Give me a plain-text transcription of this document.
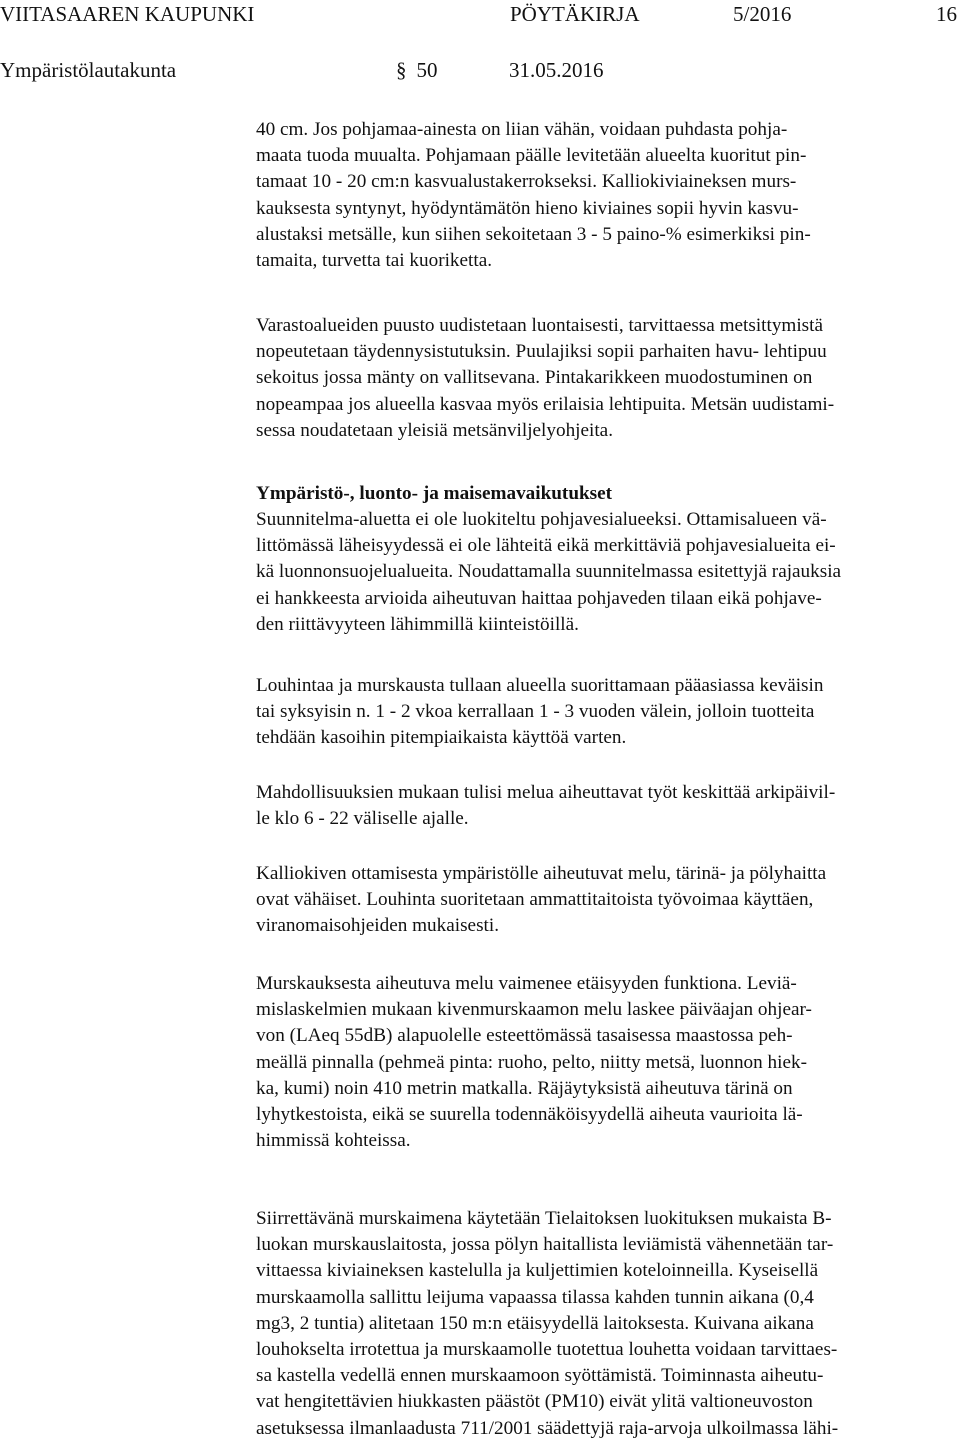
VIITASAAREN KAUPUNKI	PÖYTÄKIRJA	5/2016	16
Ympäristölautakunta	§ 50	31.05.2016
40 cm. Jos pohjamaa-ainesta on liian vähän, voidaan puhdasta pohja-
maata tuoda muualta. Pohjamaan päälle levitetään alueelta kuoritut pin-
tamaat 10 - 20 cm:n kasvualustakerrokseksi. Kalliokiviaineksen murs-
kauksesta syntynyt, hyödyntämätön hieno kiviaines sopii hyvin kasvu-
alustaksi metsälle, kun siihen sekoitetaan 3 - 5 paino-% esimerkiksi pin-
tamaita, turvetta tai kuoriketta.
Varastoalueiden puusto uudistetaan luontaisesti, tarvittaessa metsittymistä
nopeutetaan täydennysistutuksin. Puulajiksi sopii parhaiten havu- lehtipuu
sekoitus jossa mänty on vallitsevana. Pintakarikkeen muodostuminen on
nopeampaa jos alueella kasvaa myös erilaisia lehtipuita. Metsän uudistami-
sessa noudatetaan yleisiä metsänviljelyohjeita.
Ympäristö-, luonto- ja maisemavaikutukset
Suunnitelma-aluetta ei ole luokiteltu pohjavesialueeksi. Ottamisalueen vä-
littömässä läheisyydessä ei ole lähteitä eikä merkittäviä pohjavesialueita ei-
kä luonnonsuojelualueita. Noudattamalla suunnitelmassa esitettyjä rajauksia
ei hankkeesta arvioida aiheutuvan haittaa pohjaveden tilaan eikä pohjave-
den riittävyyteen lähimmillä kiinteistöillä.
Louhintaa ja murskausta tullaan alueella suorittamaan pääasiassa keväisin
tai syksyisin n. 1 - 2 vkoa kerrallaan 1 - 3 vuoden välein, jolloin tuotteita
tehdään kasoihin pitempiaikaista käyttöä varten.
Mahdollisuuksien mukaan tulisi melua aiheuttavat työt keskittää arkipäivil-
le klo 6 - 22 väliselle ajalle.
Kalliokiven ottamisesta ympäristölle aiheutuvat melu, tärinä- ja pölyhaitta
ovat vähäiset. Louhinta suoritetaan ammattitaitoista työvoimaa käyttäen,
viranomaisohjeiden mukaisesti.
Murskauksesta aiheutuva melu vaimenee etäisyyden funktiona. Leviä-
mislaskelmien mukaan kivenmurskaamon melu laskee päiväajan ohjear-
von (LAeq 55dB) alapuolelle esteettömässä tasaisessa maastossa peh-
meällä pinnalla (pehmeä pinta: ruoho, pelto, niitty metsä, luonnon hiek-
ka, kumi) noin 410 metrin matkalla. Räjäytyksistä aiheutuva tärinä on
lyhytkestoista, eikä se suurella todennäköisyydellä aiheuta vaurioita lä-
himmissä kohteissa.
Siirrettävänä murskaimena käytetään Tielaitoksen luokituksen mukaista B-
luokan murskauslaitosta, jossa pölyn haitallista leviämistä vähennetään tar-
vittaessa kiviaineksen kastelulla ja kuljettimien koteloinneilla. Kyseisellä
murskaamolla sallittu leijuma vapaassa tilassa kahden tunnin aikana (0,4
mg3, 2 tuntia) alitetaan 150 m:n etäisyydellä laitoksesta. Kuivana aikana
louhokselta irrotettua ja murskaamolle tuotettua louhetta voidaan tarvittaes-
sa kastella vedellä ennen murskaamoon syöttämistä. Toiminnasta aiheutu-
vat hengitettävien hiukkasten päästöt (PM10) eivät ylitä valtioneuvoston
asetuksessa ilmanlaadusta 711/2001 säädettyjä raja-arvoja ulkoilmassa lähi-
